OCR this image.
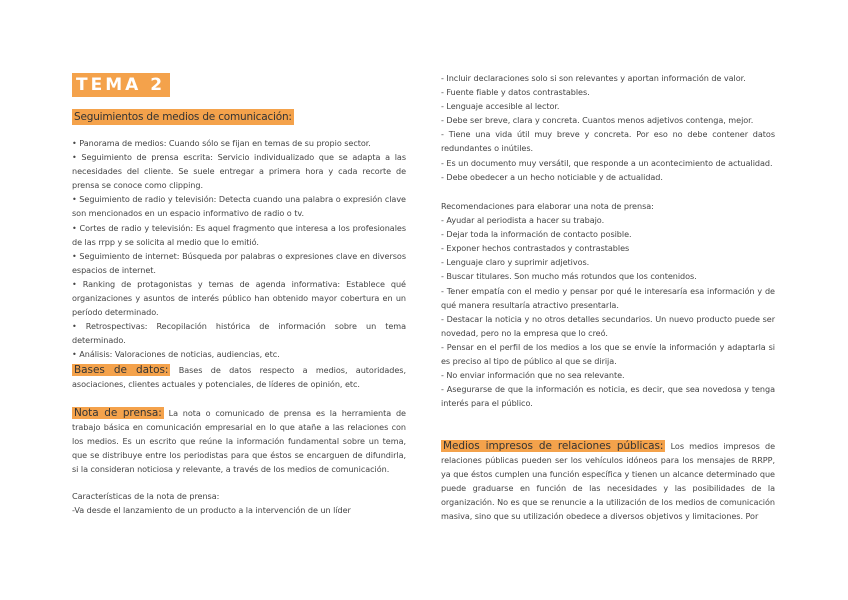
TEMA 2
Seguimientos de medios de comunicación:
• Panorama de medios: Cuando sólo se fijan en temas de su propio sector.
• Seguimiento de prensa escrita: Servicio individualizado que se adapta a las necesidades del cliente. Se suele entregar a primera hora y cada recorte de prensa se conoce como clipping.
• Seguimiento de radio y televisión: Detecta cuando una palabra o expresión clave son mencionados en un espacio informativo de radio o tv.
• Cortes de radio y televisión: Es aquel fragmento que interesa a los profesionales de las rrpp y se solicita al medio que lo emitió.
• Seguimiento de internet: Búsqueda por palabras o expresiones clave en diversos espacios de internet.
• Ranking de protagonistas y temas de agenda informativa: Establece qué organizaciones y asuntos de interés público han obtenido mayor cobertura en un período determinado.
• Retrospectivas: Recopilación histórica de información sobre un tema determinado.
• Análisis: Valoraciones de noticias, audiencias, etc.
Bases de datos: Bases de datos respecto a medios, autoridades, asociaciones, clientes actuales y potenciales, de líderes de opinión, etc.
Nota de prensa: La nota o comunicado de prensa es la herramienta de trabajo básica en comunicación empresarial en lo que atañe a las relaciones con los medios. Es un escrito que reúne la información fundamental sobre un tema, que se distribuye entre los periodistas para que éstos se encarguen de difundirla, si la consideran noticiosa y relevante, a través de los medios de comunicación.
Características de la nota de prensa:
-Va desde el lanzamiento de un producto a la intervención de un líder
- Incluir declaraciones solo si son relevantes y aportan información de valor.
- Fuente fiable y datos contrastables.
- Lenguaje accesible al lector.
- Debe ser breve, clara y concreta. Cuantos menos adjetivos contenga, mejor.
- Tiene una vida útil muy breve y concreta. Por eso no debe contener datos redundantes o inútiles.
- Es un documento muy versátil, que responde a un acontecimiento de actualidad.
- Debe obedecer a un hecho noticiable y de actualidad.
Recomendaciones para elaborar una nota de prensa:
- Ayudar al periodista a hacer su trabajo.
- Dejar toda la información de contacto posible.
- Exponer hechos contrastados y contrastables
- Lenguaje claro y suprimir adjetivos.
- Buscar titulares. Son mucho más rotundos que los contenidos.
- Tener empatía con el medio y pensar por qué le interesaría esa información y de qué manera resultaría atractivo presentarla.
- Destacar la noticia y no otros detalles secundarios. Un nuevo producto puede ser novedad, pero no la empresa que lo creó.
- Pensar en el perfil de los medios a los que se envíe la información y adaptarla si es preciso al tipo de público al que se dirija.
- No enviar información que no sea relevante.
- Asegurarse de que la información es noticia, es decir, que sea novedosa y tenga interés para el público.
Medios impresos de relaciones públicas: Los medios impresos de relaciones públicas pueden ser los vehículos idóneos para los mensajes de RRPP, ya que éstos cumplen una función específica y tienen un alcance determinado que puede graduarse en función de las necesidades y las posibilidades de la organización. No es que se renuncie a la utilización de los medios de comunicación masiva, sino que su utilización obedece a diversos objetivos y limitaciones. Por
